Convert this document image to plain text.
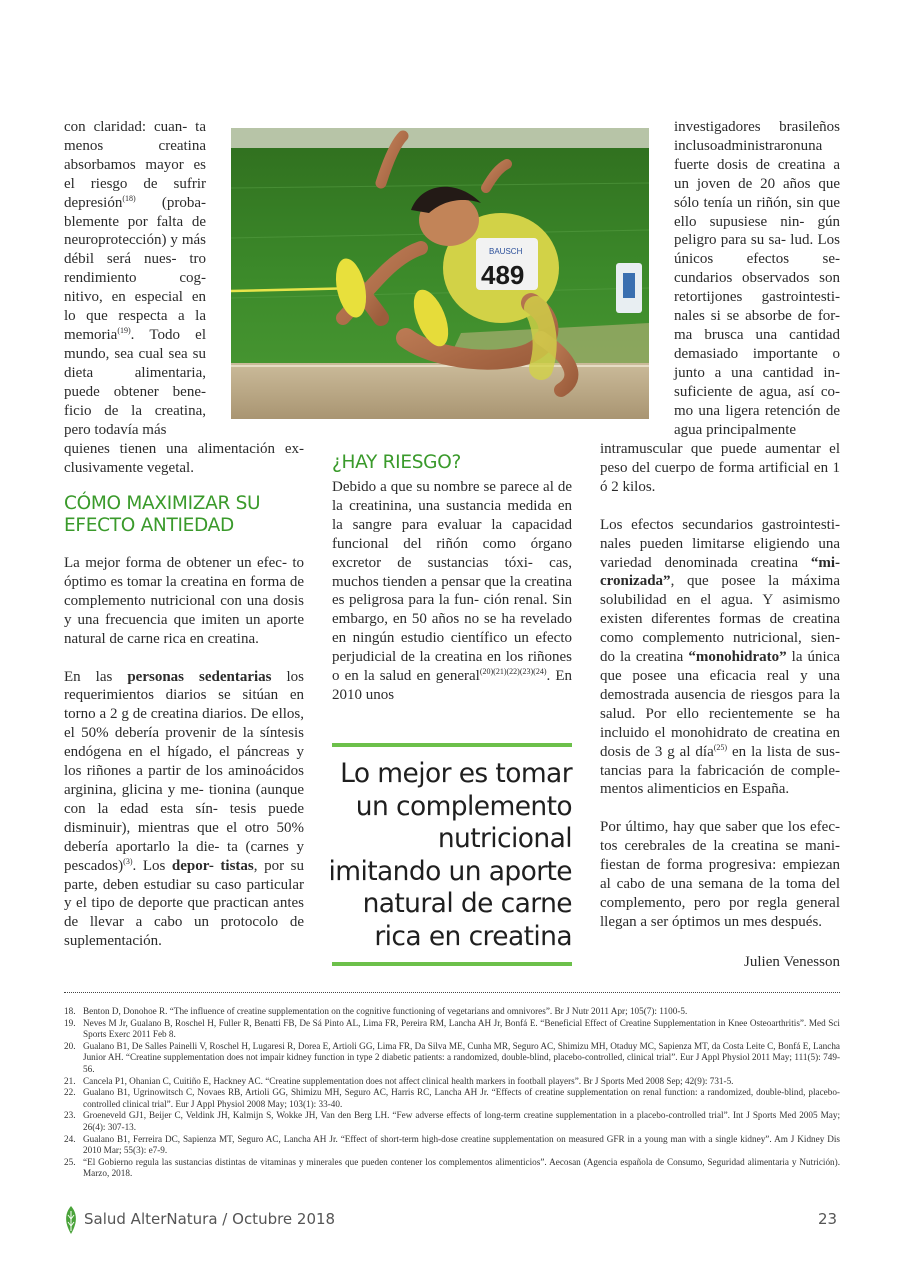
BAUSCH
489

con claridad: cuan- ta menos creatina absorbamos mayor es el riesgo de sufrir depresión$^{(18)}$ (proba- blemente por falta de neuroprotección) y más débil será nues- tro rendimiento cog- nitivo, en especial en lo que respecta a la memoria$^{(19)}$. Todo el mundo, sea cual sea su dieta alimentaria, puede obtener bene- ficio de la creatina, pero todavía más

quienes tienen una alimentación ex- clusivamente vegetal.

CÓMO MAXIMIZAR SU EFECTO ANTIEDAD

La mejor forma de obtener un efec- to óptimo es tomar la creatina en forma de complemento nutricional con una dosis y una frecuencia que imiten un aporte natural de carne rica en creatina.

En las personas sedentarias los requerimientos diarios se sitúan en torno a 2 g de creatina diarios. De ellos, el 50% debería provenir de la síntesis endógena en el hígado, el páncreas y los riñones a partir de los aminoácidos arginina, glicina y me- tionina (aunque con la edad esta sín- tesis puede disminuir), mientras que el otro 50% debería aportarlo la die- ta (carnes y pescados)$^{(3)}$. Los depor- tistas, por su parte, deben estudiar su caso particular y el tipo de deporte que practican antes de llevar a cabo un protocolo de suplementación.

¿HAY RIESGO?

Debido a que su nombre se parece al de la creatinina, una sustancia medida en la sangre para evaluar la capacidad funcional del riñón como órgano excretor de sustancias tóxi- cas, muchos tienden a pensar que la creatina es peligrosa para la fun- ción renal. Sin embargo, en 50 años no se ha revelado en ningún estudio científico un efecto perjudicial de la creatina en los riñones o en la salud en general$^{(20)(21)(22)(23)(24)}$. En 2010 unos

Lo mejor es tomar
un complemento
nutricional
imitando un aporte
natural de carne
rica en creatina

investigadores brasileños inclusoadministraronuna fuerte dosis de creatina a un joven de 20 años que sólo tenía un riñón, sin que ello supusiese nin- gún peligro para su sa- lud. Los únicos efectos se- cundarios observados son retortijones gastrointesti- nales si se absorbe de for- ma brusca una cantidad demasiado importante o junto a una cantidad in- suficiente de agua, así co- mo una ligera retención de agua principalmente

intramuscular que puede aumentar el peso del cuerpo de forma artificial en 1 ó 2 kilos.

Los efectos secundarios gastrointesti- nales pueden limitarse eligiendo una variedad denominada creatina “mi- cronizada”, que posee la máxima solubilidad en el agua. Y asimismo existen diferentes formas de creatina como complemento nutricional, sien- do la creatina “monohidrato” la única que posee una eficacia real y una demostrada ausencia de riesgos para la salud. Por ello recientemente se ha incluido el monohidrato de creatina en dosis de 3 g al día$^{(25)}$ en la lista de sus- tancias para la fabricación de comple- mentos alimenticios en España.

Por último, hay que saber que los efec- tos cerebrales de la creatina se mani- fiestan de forma progresiva: empiezan al cabo de una semana de la toma del complemento, pero por regla general llegan a ser óptimos un mes después.

Julien Venesson
18. Benton D, Donohoe R. “The influence of creatine supplementation on the cognitive functioning of vegetarians and omnivores”. Br J Nutr 2011 Apr; 105(7): 1100-5.
19. Neves M Jr, Gualano B, Roschel H, Fuller R, Benatti FB, De Sá Pinto AL, Lima FR, Pereira RM, Lancha AH Jr, Bonfá E. “Beneficial Effect of Creatine Supplementation in Knee Osteoarthritis”. Med Sci Sports Exerc 2011 Feb 8.
20. Gualano B1, De Salles Painelli V, Roschel H, Lugaresi R, Dorea E, Artioli GG, Lima FR, Da Silva ME, Cunha MR, Seguro AC, Shimizu MH, Otaduy MC, Sapienza MT, da Costa Leite C, Bonfá E, Lancha Junior AH. “Creatine supplementation does not impair kidney function in type 2 diabetic patients: a randomized, double-blind, placebo-controlled, clinical trial”. Eur J Appl Physiol 2011 May; 111(5): 749-56.
21. Cancela P1, Ohanian C, Cuitiño E, Hackney AC. “Creatine supplementation does not affect clinical health markers in football players”. Br J Sports Med 2008 Sep; 42(9): 731-5.
22. Gualano B1, Ugrinowitsch C, Novaes RB, Artioli GG, Shimizu MH, Seguro AC, Harris RC, Lancha AH Jr. “Effects of creatine supplementation on renal function: a randomized, double-blind, placebo-controlled clinical trial”. Eur J Appl Physiol 2008 May; 103(1): 33-40.
23. Groeneveld GJ1, Beijer C, Veldink JH, Kalmijn S, Wokke JH, Van den Berg LH. “Few adverse effects of long-term creatine supplementation in a placebo-controlled trial”. Int J Sports Med 2005 May; 26(4): 307-13.
24. Gualano B1, Ferreira DC, Sapienza MT, Seguro AC, Lancha AH Jr. “Effect of short-term high-dose creatine supplementation on measured GFR in a young man with a single kidney”. Am J Kidney Dis 2010 Mar; 55(3): e7-9.
25. “El Gobierno regula las sustancias distintas de vitaminas y minerales que pueden contener los complementos alimenticios”. Aecosan (Agencia española de Consumo, Seguridad alimentaria y Nutrición). Marzo, 2018.
Salud AlterNatura / Octubre 2018	23
